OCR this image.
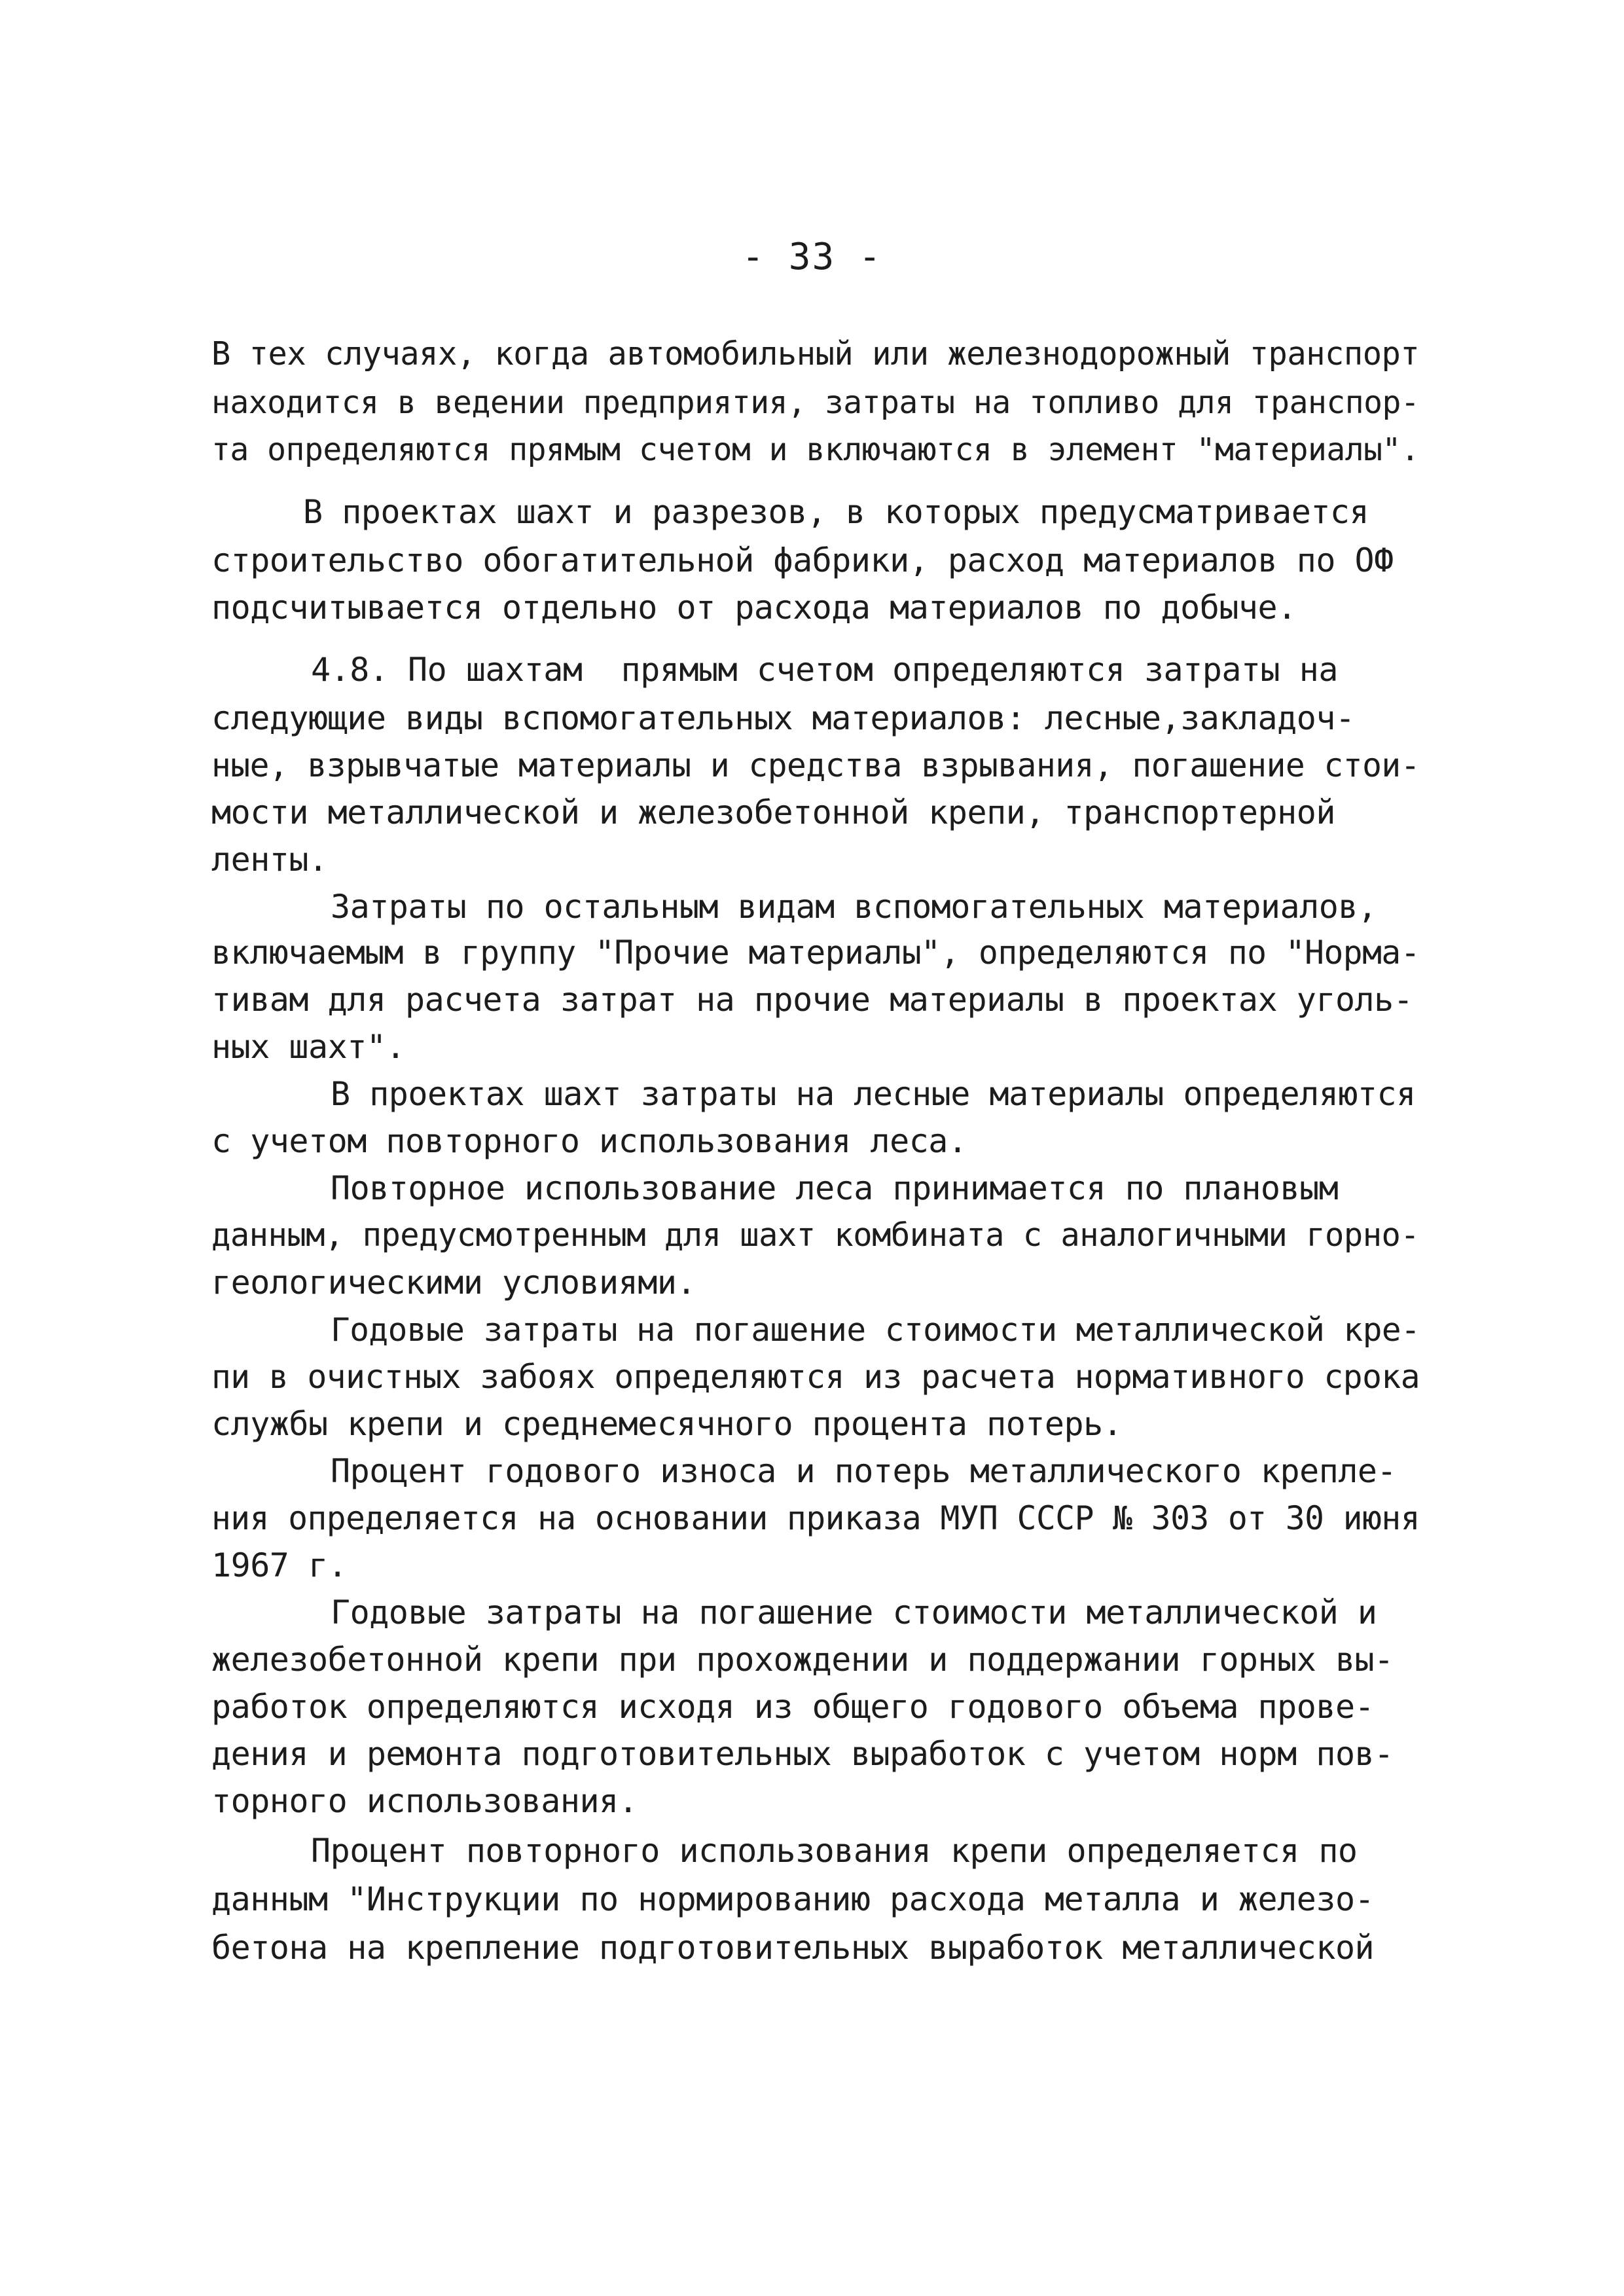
- 33 -
В тех случаях, когда автомобильный или железнодорожный транспорт
находится в ведении предприятия, затраты на топливо для транспор-
та определяются прямым счетом и включаются в элемент "материалы".
В проектах шахт и разрезов, в которых предусматривается
строительство обогатительной фабрики, расход материалов по ОФ
подсчитывается отдельно от расхода материалов по добыче.
4.8. По шахтам  прямым счетом определяются затраты на
следующие виды вспомогательных материалов: лесные,закладоч-
ные, взрывчатые материалы и средства взрывания, погашение стои-
мости металлической и железобетонной крепи, транспортерной
ленты.
Затраты по остальным видам вспомогательных материалов,
включаемым в группу "Прочие материалы", определяются по "Норма-
тивам для расчета затрат на прочие материалы в проектах уголь-
ных шахт".
В проектах шахт затраты на лесные материалы определяются
с учетом повторного использования леса.
Повторное использование леса принимается по плановым
данным, предусмотренным для шахт комбината с аналогичными горно-
геологическими условиями.
Годовые затраты на погашение стоимости металлической кре-
пи в очистных забоях определяются из расчета нормативного срока
службы крепи и среднемесячного процента потерь.
Процент годового износа и потерь металлического крепле-
ния определяется на основании приказа МУП СССР № 303 от 30 июня
1967 г.
Годовые затраты на погашение стоимости металлической и
железобетонной крепи при прохождении и поддержании горных вы-
работок определяются исходя из общего годового объема прове-
дения и ремонта подготовительных выработок с учетом норм пов-
торного использования.
Процент повторного использования крепи определяется по
данным "Инструкции по нормированию расхода металла и железо-
бетона на крепление подготовительных выработок металлической
